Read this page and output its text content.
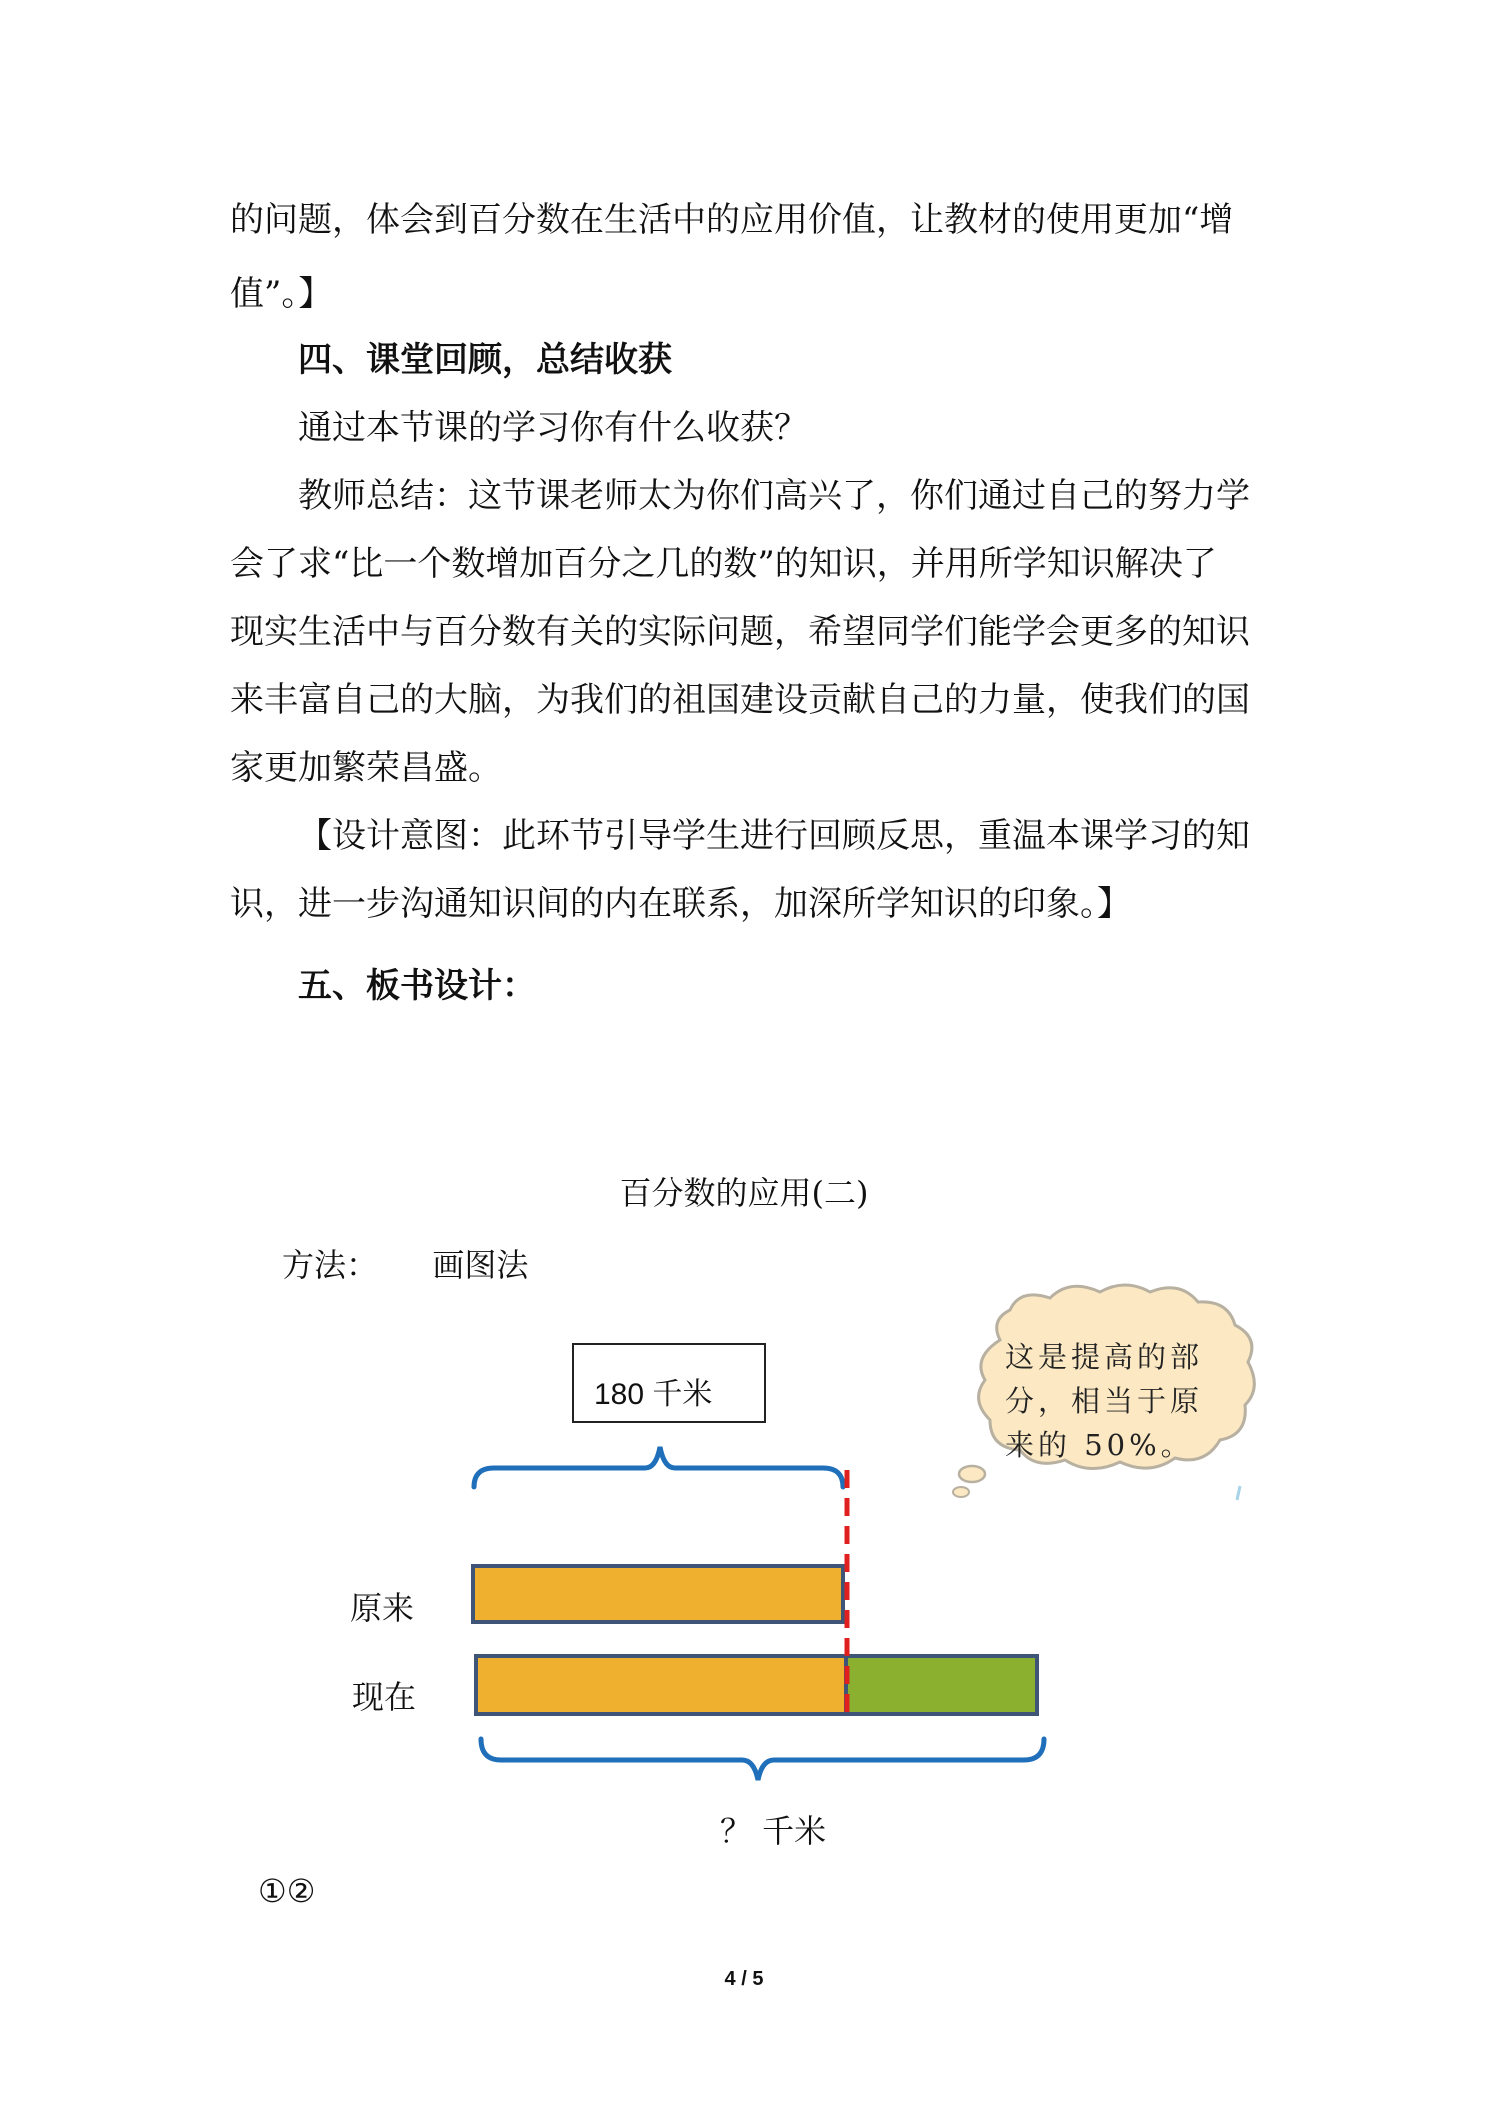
的问题，体会到百分数在生活中的应用价值，让教材的使用更加“增
值”。】
四、课堂回顾，总结收获
通过本节课的学习你有什么收获？
教师总结：这节课老师太为你们高兴了，你们通过自己的努力学
会了求“比一个数增加百分之几的数”的知识，并用所学知识解决了
现实生活中与百分数有关的实际问题，希望同学们能学会更多的知识
来丰富自己的大脑，为我们的祖国建设贡献自己的力量，使我们的国
家更加繁荣昌盛。
【设计意图：此环节引导学生进行回顾反思，重温本课学习的知
识，进一步沟通知识间的内在联系，加深所学知识的印象。】
五、板书设计：
百分数的应用(二)
方法： 画图法
这是提高的部分，相当于原来的 50%。
180 千米
原来
现在
？ 千米
①②
4 / 5
